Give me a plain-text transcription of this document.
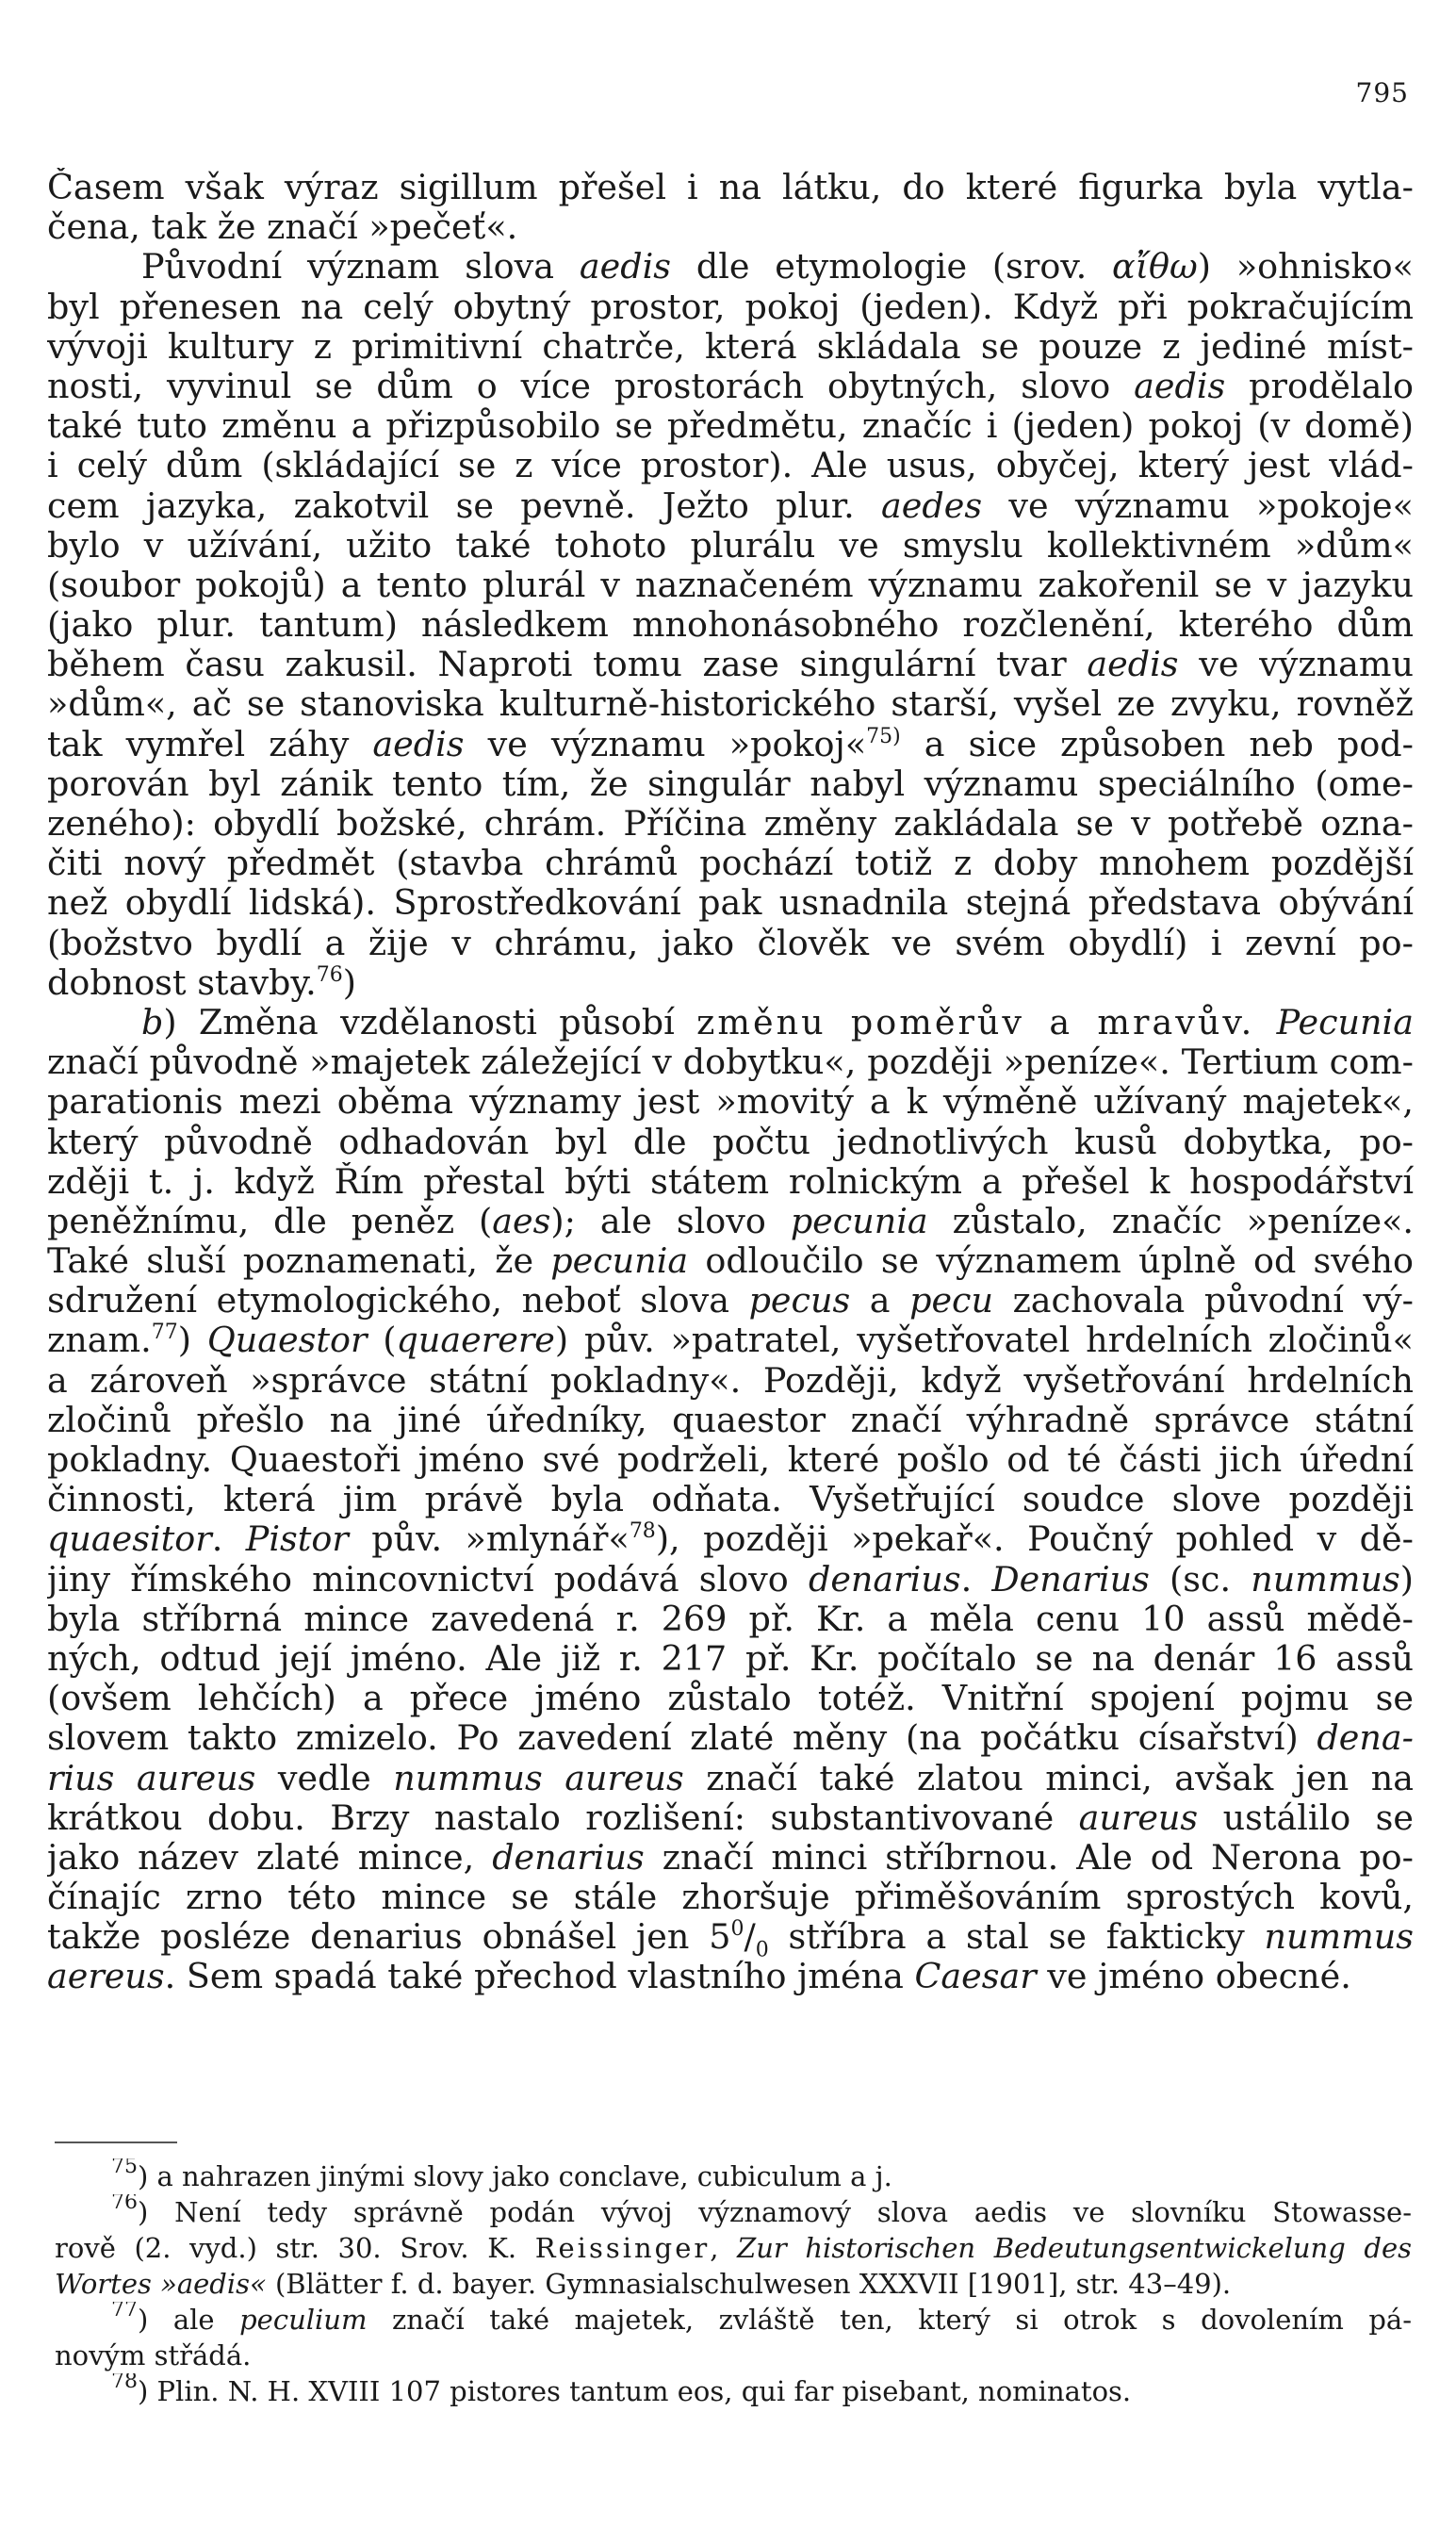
795
Časem však výraz sigillum přešel i na látku, do které figurka byla vytla-
čena, tak že značí »pečeť«.
Původní význam slova aedis dle etymologie (srov. αἴθω) »ohnisko«
byl přenesen na celý obytný prostor, pokoj (jeden). Když při pokračujícím
vývoji kultury z primitivní chatrče, která skládala se pouze z jediné míst-
nosti, vyvinul se dům o více prostorách obytných, slovo aedis prodělalo
také tuto změnu a přizpůsobilo se předmětu, značíc i (jeden) pokoj (v domě)
i celý dům (skládající se z více prostor). Ale usus, obyčej, který jest vlád-
cem jazyka, zakotvil se pevně. Ježto plur. aedes ve významu »pokoje«
bylo v užívání, užito také tohoto plurálu ve smyslu kollektivném »dům«
(soubor pokojů) a tento plurál v naznačeném významu zakořenil se v jazyku
(jako plur. tantum) následkem mnohonásobného rozčlenění, kterého dům
během času zakusil. Naproti tomu zase singulární tvar aedis ve významu
»dům«, ač se stanoviska kulturně-historického starší, vyšel ze zvyku, rovněž
tak vymřel záhy aedis ve významu »pokoj«$^{75)}$ a sice způsoben neb pod-
porován byl zánik tento tím, že singulár nabyl významu speciálního (ome-
zeného): obydlí božské, chrám. Příčina změny zakládala se v potřebě ozna-
čiti nový předmět (stavba chrámů pochází totiž z doby mnohem pozdější
než obydlí lidská). Sprostředkování pak usnadnila stejná představa obývání
(božstvo bydlí a žije v chrámu, jako člověk ve svém obydlí) i zevní po-
dobnost stavby.$^{76}$)
b) Změna vzdělanosti působí změnu poměrův a mravův. Pecunia
značí původně »majetek záležející v dobytku«, později »peníze«. Tertium com-
parationis mezi oběma významy jest »movitý a k výměně užívaný majetek«,
který původně odhadován byl dle počtu jednotlivých kusů dobytka, po-
zději t. j. když Řím přestal býti státem rolnickým a přešel k hospodářství
peněžnímu, dle peněz (aes); ale slovo pecunia zůstalo, značíc »peníze«.
Také sluší poznamenati, že pecunia odloučilo se významem úplně od svého
sdružení etymologického, neboť slova pecus a pecu zachovala původní vý-
znam.$^{77}$) Quaestor (quaerere) pův. »patratel, vyšetřovatel hrdelních zločinů«
a zároveň »správce státní pokladny«. Později, když vyšetřování hrdelních
zločinů přešlo na jiné úředníky, quaestor značí výhradně správce státní
pokladny. Quaestoři jméno své podrželi, které pošlo od té části jich úřední
činnosti, která jim právě byla odňata. Vyšetřující soudce slove později
quaesitor. Pistor pův. »mlynář«$^{78}$), později »pekař«. Poučný pohled v dě-
jiny římského mincovnictví podává slovo denarius. Denarius (sc. nummus)
byla stříbrná mince zavedená r. 269 př. Kr. a měla cenu 10 assů mědě-
ných, odtud její jméno. Ale již r. 217 př. Kr. počítalo se na denár 16 assů
(ovšem lehčích) a přece jméno zůstalo totéž. Vnitřní spojení pojmu se
slovem takto zmizelo. Po zavedení zlaté měny (na počátku císařství) dena-
rius aureus vedle nummus aureus značí také zlatou minci, avšak jen na
krátkou dobu. Brzy nastalo rozlišení: substantivované aureus ustálilo se
jako název zlaté mince, denarius značí minci stříbrnou. Ale od Nerona po-
čínajíc zrno této mince se stále zhoršuje přiměšováním sprostých kovů,
takže posléze denarius obnášel jen $5^0/_0$ stříbra a stal se fakticky nummus
aereus. Sem spadá také přechod vlastního jména Caesar ve jméno obecné.
$^{75}$) a nahrazen jinými slovy jako conclave, cubiculum a j.
$^{76}$) Není tedy správně podán vývoj významový slova aedis ve slovníku Stowasse-
rově (2. vyd.) str. 30. Srov. K. Reissinger, Zur historischen Bedeutungsentwickelung des
Wortes »aedis« (Blätter f. d. bayer. Gymnasialschulwesen XXXVII [1901], str. 43–49).
$^{77}$) ale peculium značí také majetek, zvláště ten, který si otrok s dovolením pá-
novým střádá.
$^{78}$) Plin. N. H. XVIII 107 pistores tantum eos, qui far pisebant, nominatos.
